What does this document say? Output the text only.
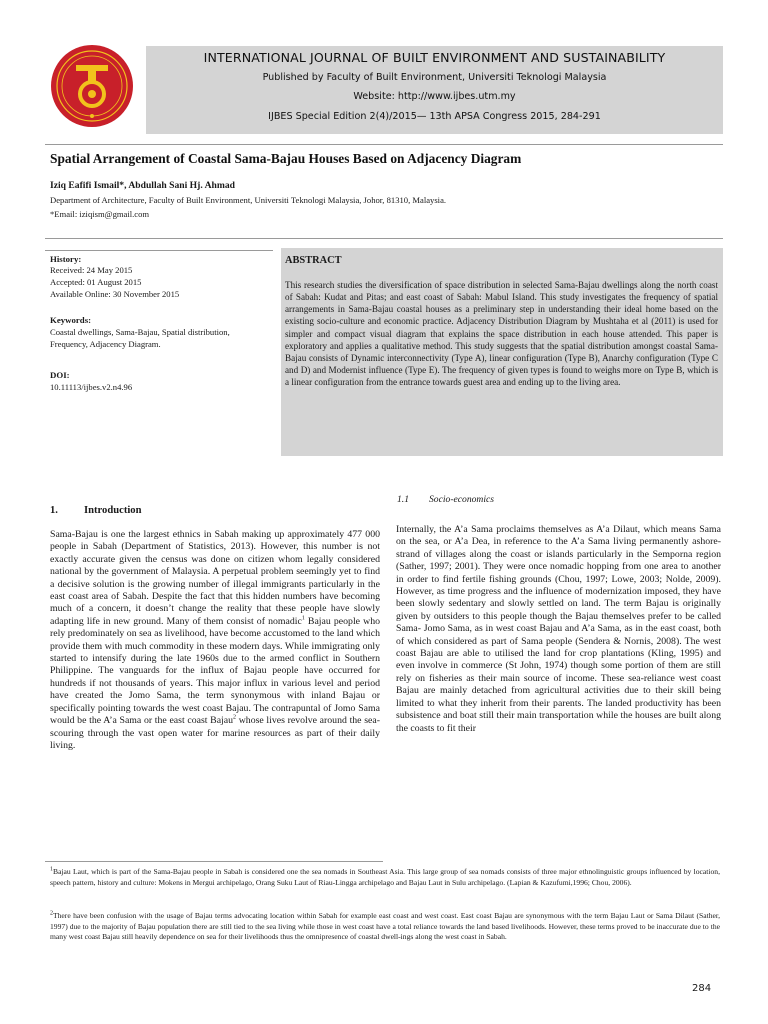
INTERNATIONAL JOURNAL OF BUILT ENVIRONMENT AND SUSTAINABILITY
Published by Faculty of Built Environment, Universiti Teknologi Malaysia
Website: http://www.ijbes.utm.my
IJBES Special Edition 2(4)/2015— 13th APSA Congress 2015, 284-291
Spatial Arrangement of Coastal Sama-Bajau Houses Based on Adjacency Diagram
Iziq Eafifi Ismail*, Abdullah Sani Hj. Ahmad
Department of Architecture, Faculty of Built Environment, Universiti Teknologi Malaysia, Johor, 81310, Malaysia.
*Email: iziqism@gmail.com
History:
Received: 24 May 2015
Accepted: 01 August 2015
Available Online: 30 November 2015
Keywords:
Coastal dwellings, Sama-Bajau, Spatial distribution,
Frequency, Adjacency Diagram.
DOI:
10.11113/ijbes.v2.n4.96
ABSTRACT
This research studies the diversification of space distribution in selected Sama-Bajau dwellings along the north coast of Sabah: Kudat and Pitas; and east coast of Sabah: Mabul Island. This study investigates the frequency of spatial arrangements in Sama-Bajau coastal houses as a preliminary step in understanding their ideal home based on the existing socio-culture and economic practice. Adjacency Distribution Diagram by Mushtaha et al (2011) is used for simpler and compact visual diagram that explains the space distribution in each house attended. This paper is exploratory and applies a qualitative method. This study suggests that the spatial distribution amongst coastal Sama-Bajau consists of Dynamic interconnectivity (Type A), linear configuration (Type B), Anarchy configuration (Type C and D) and Modernist influence (Type E). The frequency of given types is found to weighs more on Type B, which is a linear configuration from the entrance towards guest area and ending up to the living area.
1. Introduction
1.1 Socio-economics
Sama-Bajau is one the largest ethnics in Sabah making up approximately 477 000 people in Sabah (Department of Statistics, 2013). However, this number is not exactly accurate given the census was done on citizen whom legally considered national by the government of Malaysia. A perpetual problem seemingly yet to find a decisive solution is the growing number of illegal immigrants particularly in the east coast area of Sabah. Despite the fact that this hidden numbers have becoming much of a concern, it doesn’t change the reality that these people have slowly adapting life in new ground. Many of them consist of nomadic$^1$ Bajau people who rely predominately on sea as livelihood, have become accustomed to the land which provide them with much commodity in these modern days. While immigrating only started to intensify during the late 1960s due to the armed conflict in Southern Philippine. The vanguards for the influx of Bajau people have occurred for hundreds if not thousands of years. This major influx in various level and period have created the Jomo Sama, the term synonymous with inland Bajau or specifically pointing towards the west coast Bajau. The contrapuntal of Jomo Sama would be the A’a Sama or the east coast Bajau$^2$ whose lives revolve around the sea- scouring through the vast open water for marine resources as part of their daily living.
Internally, the A’a Sama proclaims themselves as A’a Dilaut, which means Sama on the sea, or A’a Dea, in reference to the A’a Sama living permanently ashore- strand of villages along the coast or islands particularly in the Semporna region (Sather, 1997; 2001). They were once nomadic hopping from one area to another in order to find fertile fishing grounds (Chou, 1997; Lowe, 2003; Nolde, 2009). However, as time progress and the influence of modernization imposed, they have been slowly sedentary and slowly settled on land. The term Bajau is originally given by outsiders to this people though the Bajau themselves prefer to be called Sama- Jomo Sama, as in west coast Bajau and A’a Sama, as in the east coast, both of which considered as part of Sama people (Sendera & Nornis, 2008). The west coast Bajau are able to utilised the land for crop plantations (Kling, 1995) and even involve in commerce (St John, 1974) though some portion of them are still rely on fisheries as their main source of income. These sea-reliance west coast Bajau are mainly detached from agricultural activities due to their skill being limited to what they inherit from their parents. The landed productivity has been subsistence and boat still their main transportation while the houses are built along the coasts to fit their
$^1$Bajau Laut, which is part of the Sama-Bajau people in Sabah is considered one the sea nomads in Southeast Asia. This large group of sea nomads consists of three major ethnolinguistic groups influenced by location, speech pattern, history and culture: Mokens in Mergui archipelago, Orang Suku Laut of Riau-Lingga archipelago and Bajau Laut in Sulu archipelago. (Lapian & Kazufumi,1996; Chou, 2006).
$^2$There have been confusion with the usage of Bajau terms advocating location within Sabah for example east coast and west coast. East coast Bajau are synonymous with the term Bajau Laut or Sama Dilaut (Sather, 1997) due to the majority of Bajau population there are still tied to the sea living while those in west coast have a total reliance towards the land based livelihoods. However, these terms proved to be inaccurate due to the many west coast Bajau still heavily dependence on sea for their livelihoods thus the omnipresence of coastal dwell-ings along the west coast in Sabah.
284
